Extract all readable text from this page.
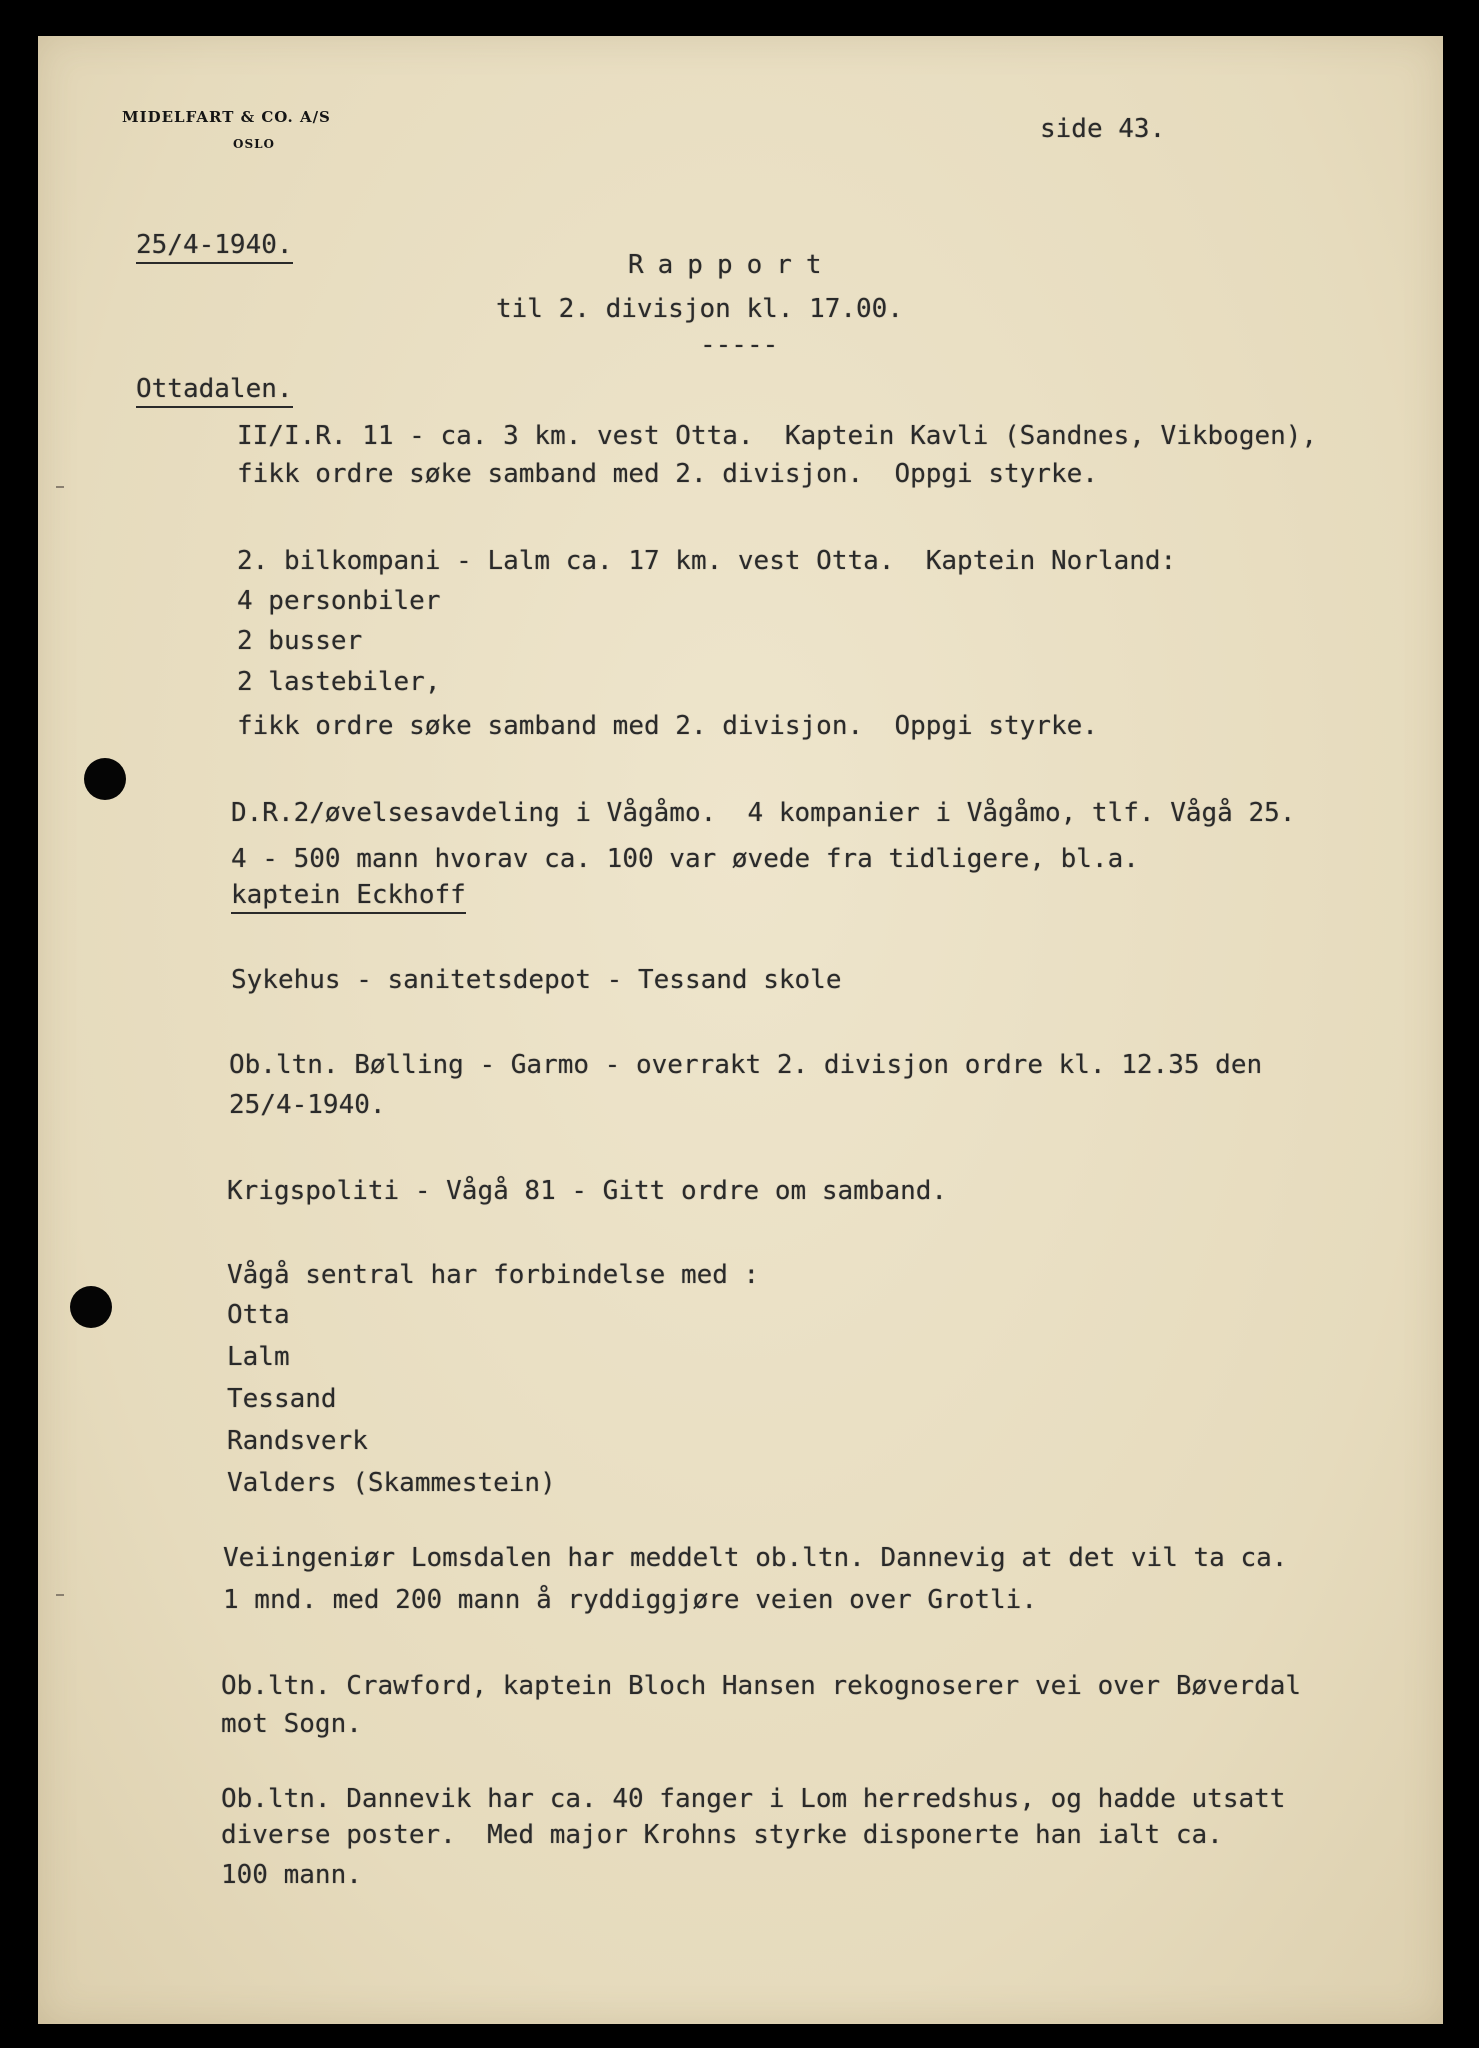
MIDELFART & CO. A/S
OSLO	side 43.
25/4-1940.
Rapport
til 2. divisjon kl. 17.00.
-----
Ottadalen.
II/I.R. 11 - ca. 3 km. vest Otta.  Kaptein Kavli (Sandnes, Vikbogen),
fikk ordre søke samband med 2. divisjon.  Oppgi styrke.
2. bilkompani - Lalm ca. 17 km. vest Otta.  Kaptein Norland:
4 personbiler
2 busser
2 lastebiler,
fikk ordre søke samband med 2. divisjon.  Oppgi styrke.
D.R.2/øvelsesavdeling i Vågåmo.  4 kompanier i Vågåmo, tlf. Vågå 25.
4 - 500 mann hvorav ca. 100 var øvede fra tidligere, bl.a.
kaptein Eckhoff
Sykehus - sanitetsdepot - Tessand skole
Ob.ltn. Bølling - Garmo - overrakt 2. divisjon ordre kl. 12.35 den
25/4-1940.
Krigspoliti - Vågå 81 - Gitt ordre om samband.
Vågå sentral har forbindelse med :
Otta
Lalm
Tessand
Randsverk
Valders (Skammestein)
Veiingeniør Lomsdalen har meddelt ob.ltn. Dannevig at det vil ta ca.
1 mnd. med 200 mann å ryddiggjøre veien over Grotli.
Ob.ltn. Crawford, kaptein Bloch Hansen rekognoserer vei over Bøverdal
mot Sogn.
Ob.ltn. Dannevik har ca. 40 fanger i Lom herredshus, og hadde utsatt
diverse poster.  Med major Krohns styrke disponerte han ialt ca.
100 mann.
